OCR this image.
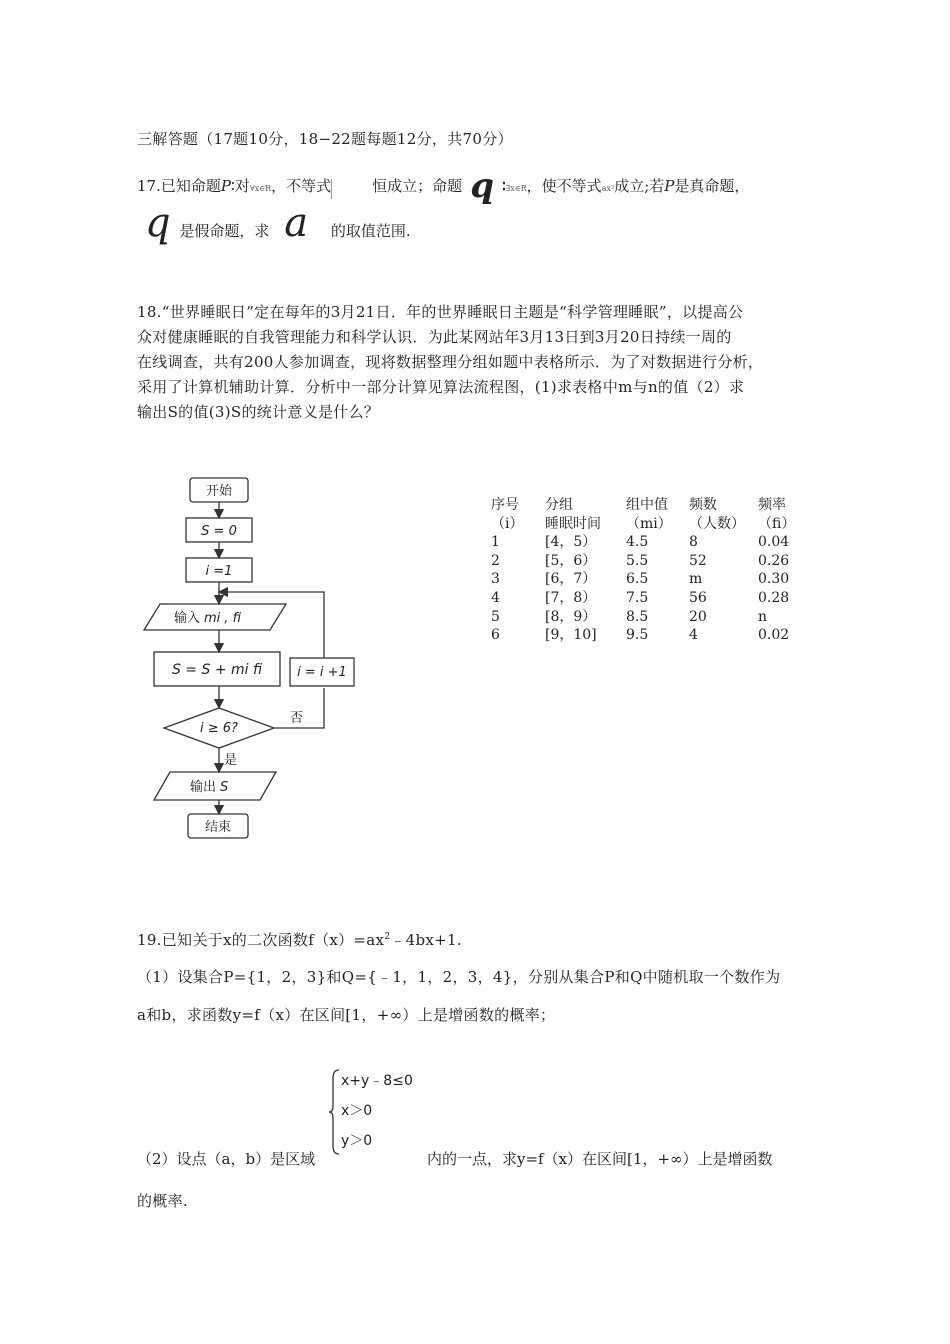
三解答题（17题10分，18−22题每题12分，共70分）
17.已知命题P∶对∀x∈R，不等式	恒成立；命题 q ∶∃x∈R，使不等式ax²成立;若P是真命题，
q 是假命题，求 a 的取值范围.
18.“世界睡眠日”定在每年的3月21日．年的世界睡眠日主题是“科学管理睡眠”，以提高公
众对健康睡眠的自我管理能力和科学认识．为此某网站年3月13日到3月20日持续一周的
在线调查，共有200人参加调查，现将数据整理分组如题中表格所示．为了对数据进行分析，
采用了计算机辅助计算．分析中一部分计算见算法流程图，(1)求表格中m与n的值（2）求
输出S的值(3)S的统计意义是什么？
开始
S = 0
i =1
输入 mi , fi
S = S + mi fi
i ≥ 6?
i = i +1
否
是
输出 S
结束
序号 分组	组中值 频数	频率
（i） 睡眠时间 （mi） （人数） （fi）
1	[4，5） 4.5	8	0.04
2	[5，6） 5.5	52	0.26
3	[6，7） 6.5	m	0.30
4	[7，8） 7.5	56	0.28
5	[8，9） 8.5	20	n
6	[9，10] 9.5	4	0.02
19.已知关于x的二次函数$f(x)=ax^2﹣4bx+1$.
（1）设集合P={1，2，3}和Q={﹣1，1，2，3，4}，分别从集合P和Q中随机取一个数作为
a和b，求函数y=f（x）在区间[1，+∞）上是增函数的概率；
x+y﹣8≤0
x＞0
y＞0
（2）设点（a，b）是区域	内的一点，求y=f（x）在区间[1，+∞）上是增函数
的概率.
